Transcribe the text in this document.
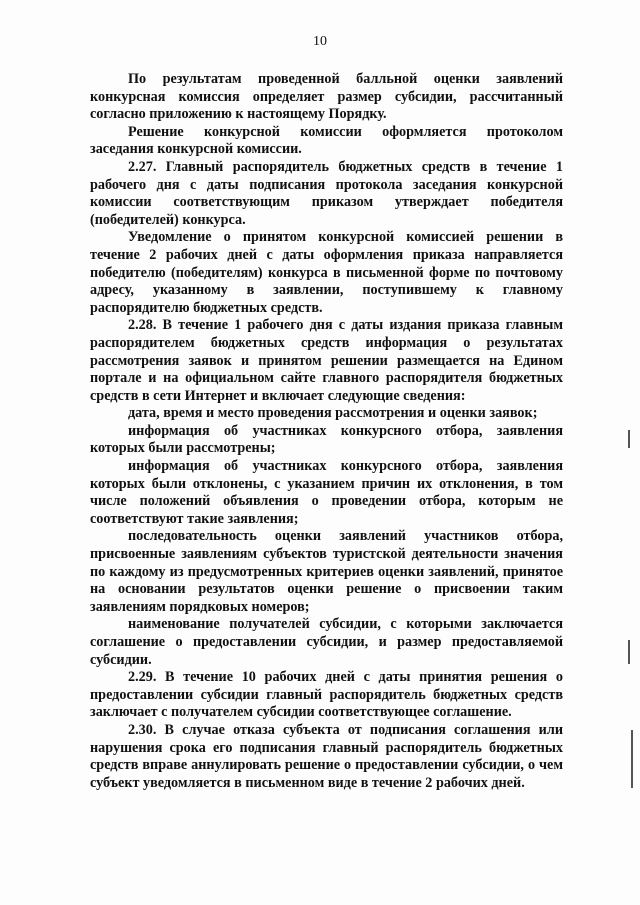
10

По результатам проведенной балльной оценки заявлений конкурсная комиссия определяет размер субсидии, рассчитанный согласно приложению к настоящему Порядку.

Решение конкурсной комиссии оформляется протоколом заседания конкурсной комиссии.

2.27. Главный распорядитель бюджетных средств в течение 1 рабочего дня с даты подписания протокола заседания конкурсной комиссии соответствующим приказом утверждает победителя (победителей) конкурса.

Уведомление о принятом конкурсной комиссией решении в течение 2 рабочих дней с даты оформления приказа направляется победителю (победителям) конкурса в письменной форме по почтовому адресу, указанному в заявлении, поступившему к главному распорядителю бюджетных средств.

2.28. В течение 1 рабочего дня с даты издания приказа главным распорядителем бюджетных средств информация о результатах рассмотрения заявок и принятом решении размещается на Едином портале и на официальном сайте главного распорядителя бюджетных средств в сети Интернет и включает следующие сведения:

дата, время и место проведения рассмотрения и оценки заявок;

информация об участниках конкурсного отбора, заявления которых были рассмотрены;

информация об участниках конкурсного отбора, заявления которых были отклонены, с указанием причин их отклонения, в том числе положений объявления о проведении отбора, которым не соответствуют такие заявления;

последовательность оценки заявлений участников отбора, присвоенные заявлениям субъектов туристской деятельности значения по каждому из предусмотренных критериев оценки заявлений, принятое на основании результатов оценки решение о присвоении таким заявлениям порядковых номеров;

наименование получателей субсидии, с которыми заключается соглашение о предоставлении субсидии, и размер предоставляемой субсидии.

2.29. В течение 10 рабочих дней с даты принятия решения о предоставлении субсидии главный распорядитель бюджетных средств заключает с получателем субсидии соответствующее соглашение.

2.30. В случае отказа субъекта от подписания соглашения или нарушения срока его подписания главный распорядитель бюджетных средств вправе аннулировать решение о предоставлении субсидии, о чем субъект уведомляется в письменном виде в течение 2 рабочих дней.
